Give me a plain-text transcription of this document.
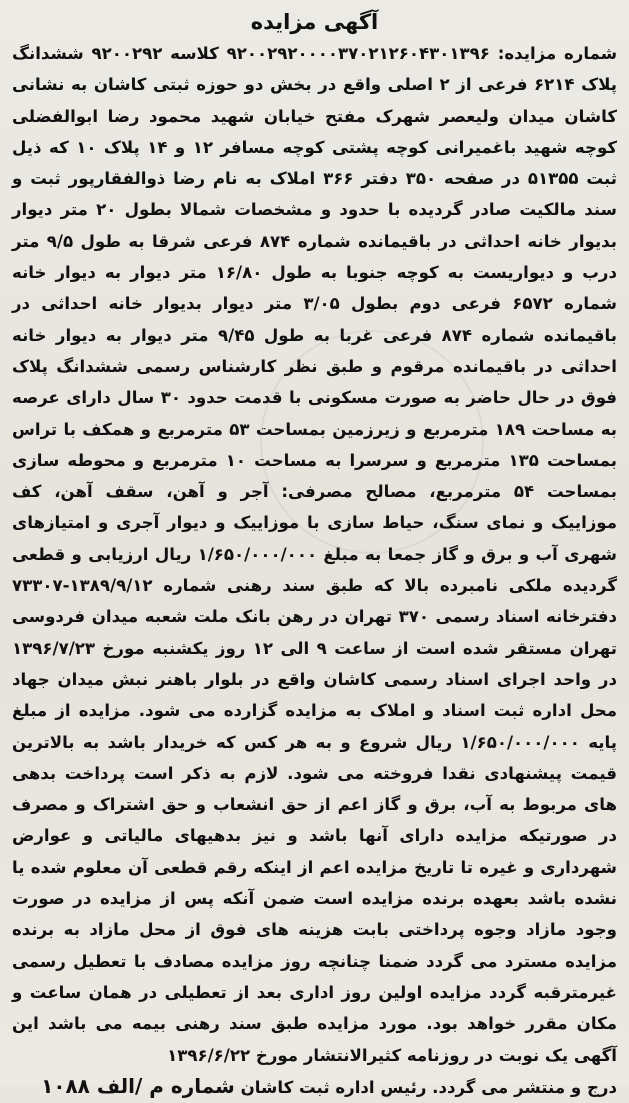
آگهی مزایده

شماره مزایده: ۹۲۰۰۲۹۲۰۰۰۰۳۷۰۲۱۲۶۰۴۳۰۱۳۹۶ کلاسه ۹۲۰۰۲۹۲ ششدانگ پلاک ۶۲۱۴ فرعی از ۲ اصلی واقع در بخش دو حوزه ثبتی کاشان به نشانی کاشان میدان ولیعصر شهرک مفتح خیابان شهید محمود رضا ابوالفضلی کوچه شهید باغمیرانی کوچه پشتی کوچه مسافر ۱۲ و ۱۴ پلاک ۱۰ که ذیل ثبت ۵۱۳۵۵ در صفحه ۳۵۰ دفتر ۳۶۶ املاک به نام رضا ذوالفقارپور ثبت و سند مالکیت صادر گردیده با حدود و مشخصات شمالا بطول ۲۰ متر دیوار بدیوار خانه احداثی در باقیمانده شماره ۸۷۴ فرعی شرقا به طول ۹/۵ متر درب و دیواریست به کوچه جنوبا به طول ۱۶/۸۰ متر دیوار به دیوار خانه شماره ۶۵۷۲ فرعی دوم بطول ۳/۰۵ متر دیوار بدیوار خانه احداثی در باقیمانده شماره ۸۷۴ فرعی غربا به طول ۹/۴۵ متر دیوار به دیوار خانه احداثی در باقیمانده مرقوم و طبق نظر کارشناس رسمی ششدانگ پلاک فوق در حال حاضر به صورت مسکونی با قدمت حدود ۳۰ سال دارای عرصه به مساحت ۱۸۹ مترمربع و زیرزمین بمساحت ۵۳ مترمربع و همکف با تراس بمساحت ۱۳۵ مترمربع و سرسرا به مساحت ۱۰ مترمربع و محوطه سازی بمساحت ۵۴ مترمربع، مصالح مصرفی: آجر و آهن، سقف آهن، کف موزاییک و نمای سنگ، حیاط سازی با موزاییک و دیوار آجری و امتیازهای شهری آب و برق و گاز جمعا به مبلغ ۱/۶۵۰/۰۰۰/۰۰۰ ریال ارزیابی و قطعی گردیده ملکی نامبرده بالا که طبق سند رهنی شماره ۱۳۸۹/۹/۱۲-۷۳۳۰۷ دفترخانه اسناد رسمی ۳۷۰ تهران در رهن بانک ملت شعبه میدان فردوسی تهران مستقر شده است از ساعت ۹ الی ۱۲ روز یکشنبه مورخ ۱۳۹۶/۷/۲۳ در واحد اجرای اسناد رسمی کاشان واقع در بلوار باهنر نبش میدان جهاد محل اداره ثبت اسناد و املاک به مزایده گزارده می شود. مزایده از مبلغ پایه ۱/۶۵۰/۰۰۰/۰۰۰ ریال شروع و به هر کس که خریدار باشد به بالاترین قیمت پیشنهادی نقدا فروخته می شود. لازم به ذکر است پرداخت بدهی های مربوط به آب، برق و گاز اعم از حق انشعاب و حق اشتراک و مصرف در صورتیکه مزایده دارای آنها باشد و نیز بدهیهای مالیاتی و عوارض شهرداری و غیره تا تاریخ مزایده اعم از اینکه رقم قطعی آن معلوم شده یا نشده باشد بعهده برنده مزایده است ضمن آنکه پس از مزایده در صورت وجود مازاد وجوه پرداختی بابت هزینه های فوق از محل مازاد به برنده مزایده مسترد می گردد ضمنا چنانچه روز مزایده مصادف با تعطیل رسمی غیرمترقبه گردد مزایده اولین روز اداری بعد از تعطیلی در همان ساعت و مکان مقرر خواهد بود. مورد مزایده طبق سند رهنی بیمه می باشد این آگهی یک نوبت در روزنامه کثیرالانتشار مورخ ۱۳۹۶/۶/۲۲

درج و منتشر می گردد. رئیس اداره ثبت کاشان شماره م /الف ۱۰۸۸
